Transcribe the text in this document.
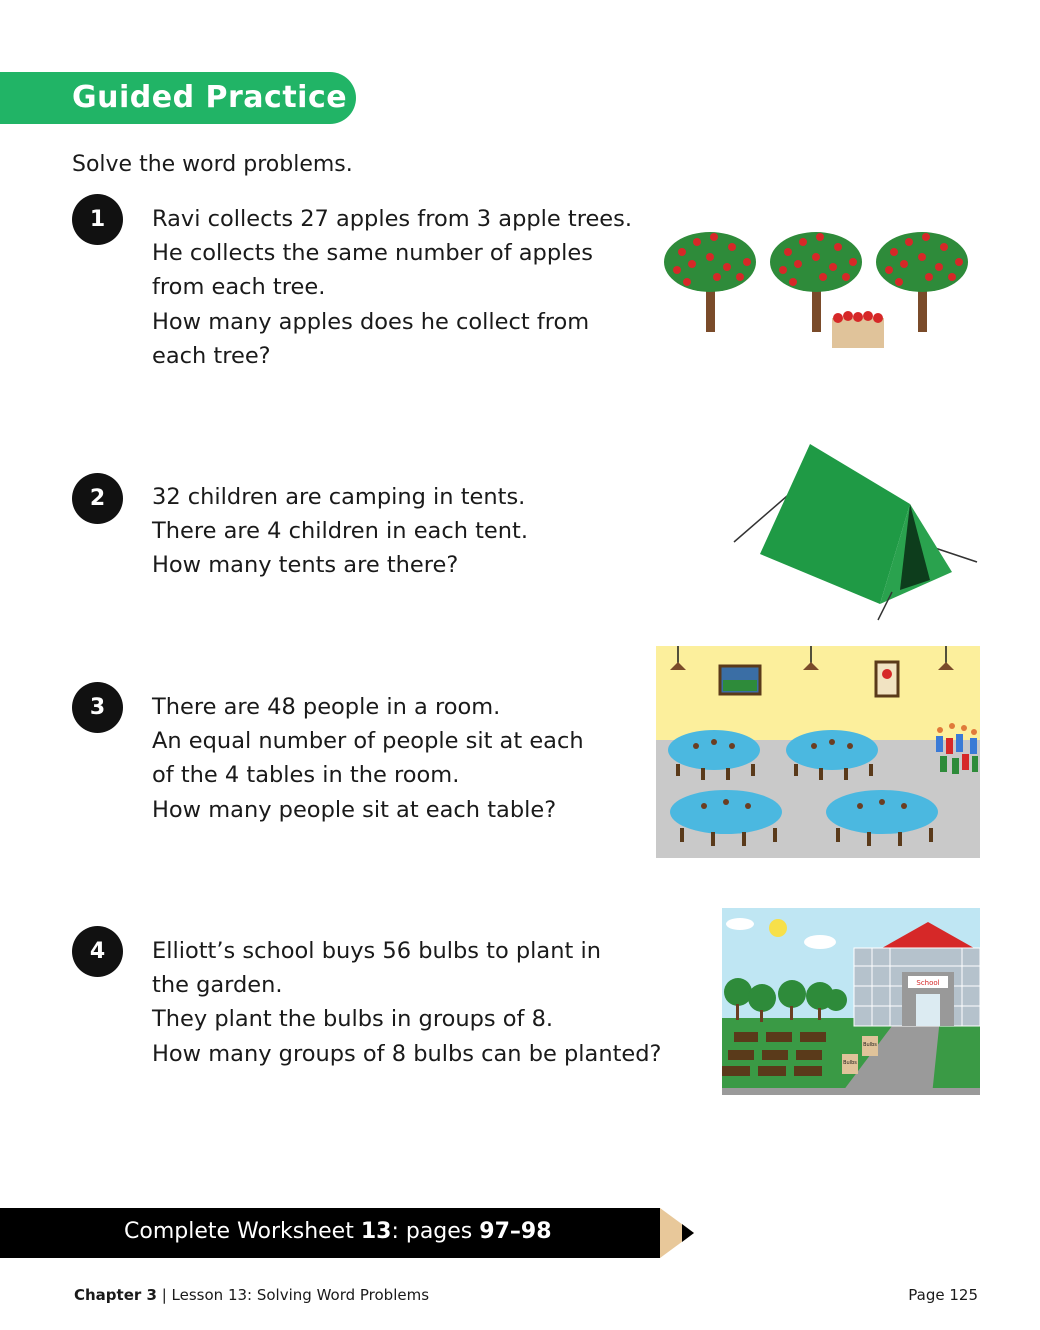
Guided Practice
Solve the word problems.
1	Ravi collects 27 apples from 3 apple trees.
He collects the same number of apples
from each tree.
How many apples does he collect from
each tree?
2	32 children are camping in tents.
There are 4 children in each tent.
How many tents are there?
3	There are 48 people in a room.
An equal number of people sit at each
of the 4 tables in the room.
How many people sit at each table?
4	Elliott’s school buys 56 bulbs to plant in
the garden.
They plant the bulbs in groups of 8.
How many groups of 8 bulbs can be planted?
School
Bulbs
Bulbs
Complete Worksheet 13: pages 97–98
Chapter 3 | Lesson 13: Solving Word Problems	Page 125
